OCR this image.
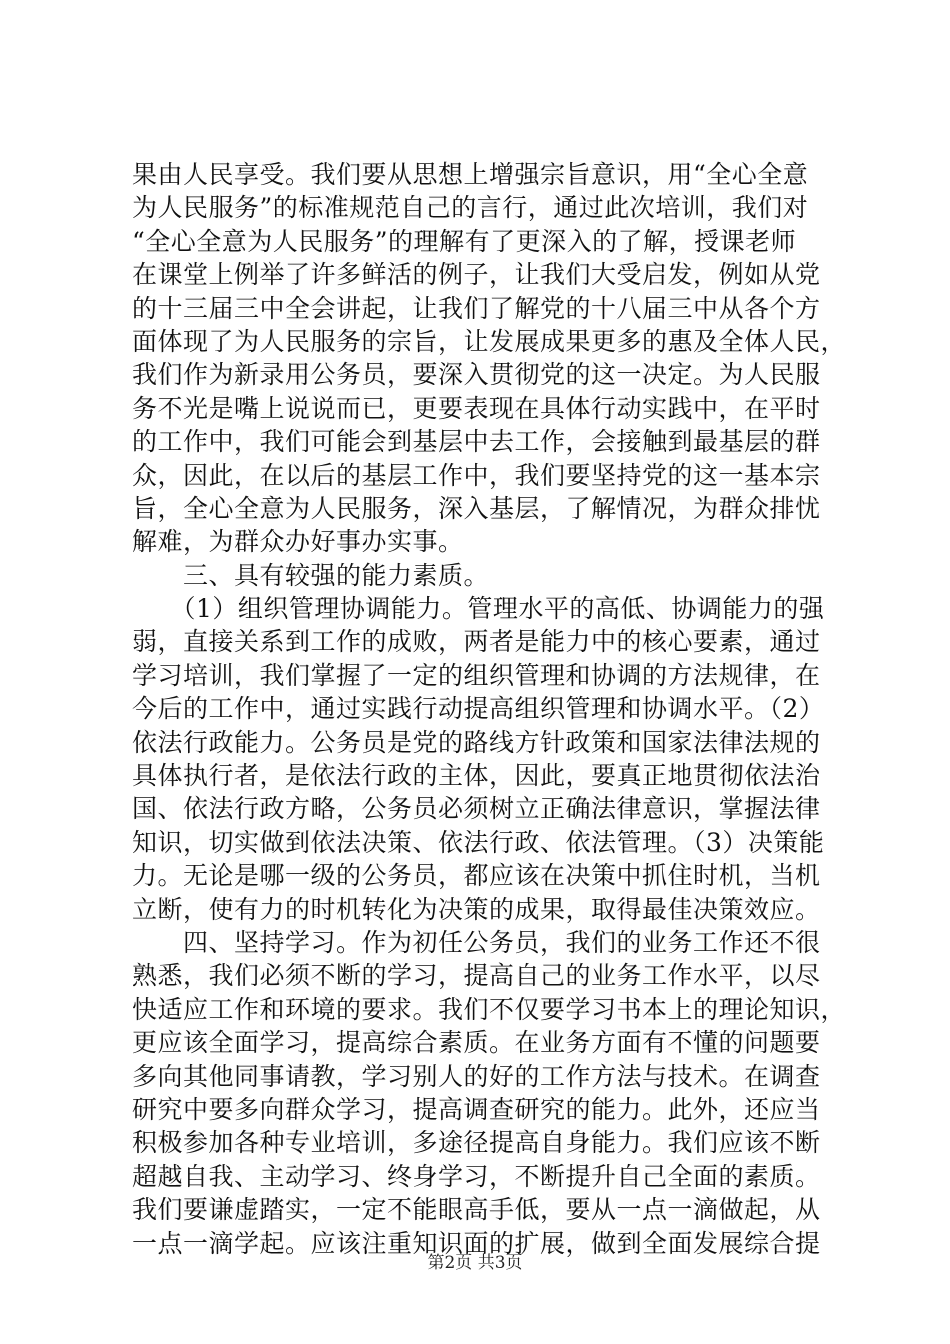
果由人民享受。我们要从思想上增强宗旨意识，用“全心全意
为人民服务”的标准规范自己的言行，通过此次培训，我们对
“全心全意为人民服务”的理解有了更深入的了解，授课老师
在课堂上例举了许多鲜活的例子，让我们大受启发，例如从党
的十三届三中全会讲起，让我们了解党的十八届三中从各个方
面体现了为人民服务的宗旨，让发展成果更多的惠及全体人民，
我们作为新录用公务员，要深入贯彻党的这一决定。为人民服
务不光是嘴上说说而已，更要表现在具体行动实践中，在平时
的工作中，我们可能会到基层中去工作，会接触到最基层的群
众，因此，在以后的基层工作中，我们要坚持党的这一基本宗
旨，全心全意为人民服务，深入基层，了解情况，为群众排忧
解难，为群众办好事办实事。
　　三、具有较强的能力素质。
　　（1）组织管理协调能力。管理水平的高低、协调能力的强
弱，直接关系到工作的成败，两者是能力中的核心要素，通过
学习培训，我们掌握了一定的组织管理和协调的方法规律，在
今后的工作中，通过实践行动提高组织管理和协调水平。（2）
依法行政能力。公务员是党的路线方针政策和国家法律法规的
具体执行者，是依法行政的主体，因此，要真正地贯彻依法治
国、依法行政方略，公务员必须树立正确法律意识，掌握法律
知识，切实做到依法决策、依法行政、依法管理。（3）决策能
力。无论是哪一级的公务员，都应该在决策中抓住时机，当机
立断，使有力的时机转化为决策的成果，取得最佳决策效应。
　　四、坚持学习。作为初任公务员，我们的业务工作还不很
熟悉，我们必须不断的学习，提高自己的业务工作水平，以尽
快适应工作和环境的要求。我们不仅要学习书本上的理论知识，
更应该全面学习，提高综合素质。在业务方面有不懂的问题要
多向其他同事请教，学习别人的好的工作方法与技术。在调查
研究中要多向群众学习，提高调查研究的能力。此外，还应当
积极参加各种专业培训，多途径提高自身能力。我们应该不断
超越自我、主动学习、终身学习，不断提升自己全面的素质。
我们要谦虚踏实，一定不能眼高手低，要从一点一滴做起，从
一点一滴学起。应该注重知识面的扩展，做到全面发展综合提
第2页 共3页
